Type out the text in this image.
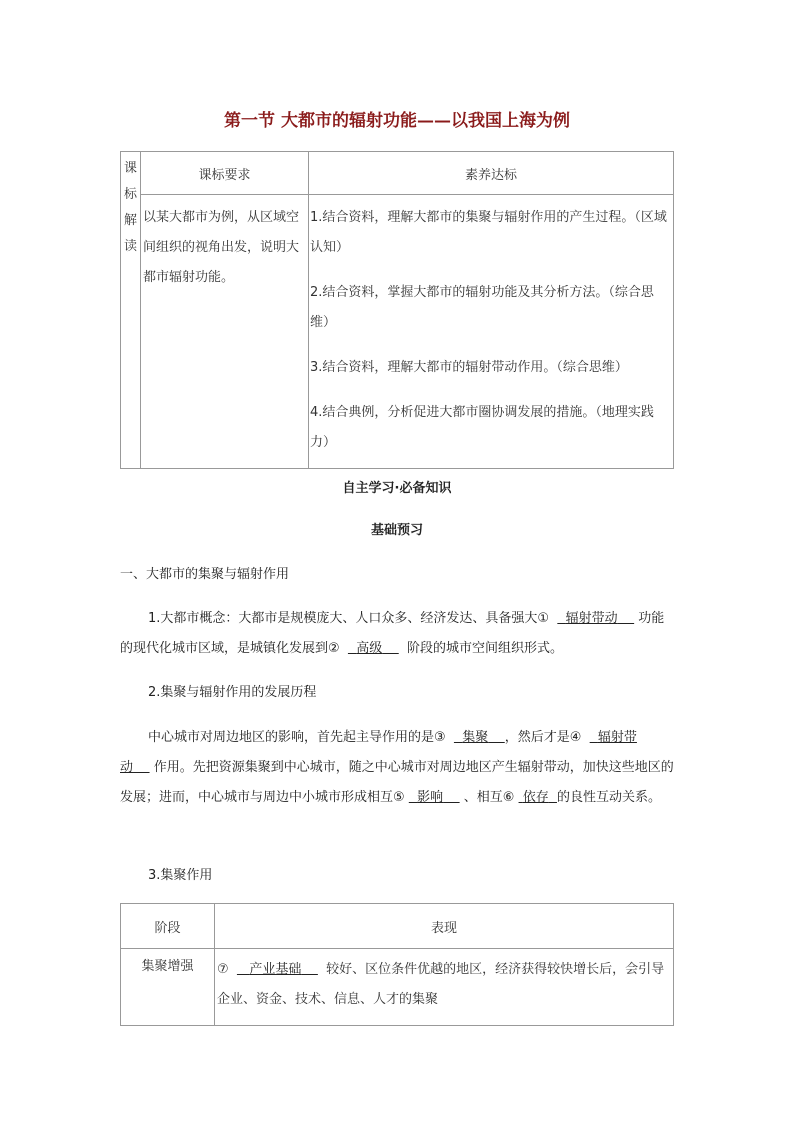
第一节 大都市的辐射功能——以我国上海为例
课
标
解
读	课标要求	素养达标
	以某大都市为例，从区域空间组织的视角出发，说明大都市辐射功能。	1.结合资料，理解大都市的集聚与辐射作用的产生过程。（区域认知）

2.结合资料，掌握大都市的辐射功能及其分析方法。（综合思维）

3.结合资料，理解大都市的辐射带动作用。（综合思维）

4.结合典例，分析促进大都市圈协调发展的措施。（地理实践力）

自主学习·必备知识
基础预习
一、大都市的集聚与辐射作用
1.大都市概念：大都市是规模庞大、人口众多、经济发达、具备强大① 辐射带动 功能的现代化城市区域，是城镇化发展到② 高级 阶段的城市空间组织形式。
2.集聚与辐射作用的发展历程
中心城市对周边地区的影响，首先起主导作用的是③ 集聚 ，然后才是④ 辐射带动 作用。先把资源集聚到中心城市，随之中心城市对周边地区产生辐射带动，加快这些地区的发展；进而，中心城市与周边中小城市形成相互⑤ 影响 、相互⑥ 依存 的良性互动关系。
3.集聚作用
阶段	表现
集聚增强	⑦ 产业基础 较好、区位条件优越的地区，经济获得较快增长后，会引导企业、资金、技术、信息、人才的集聚
